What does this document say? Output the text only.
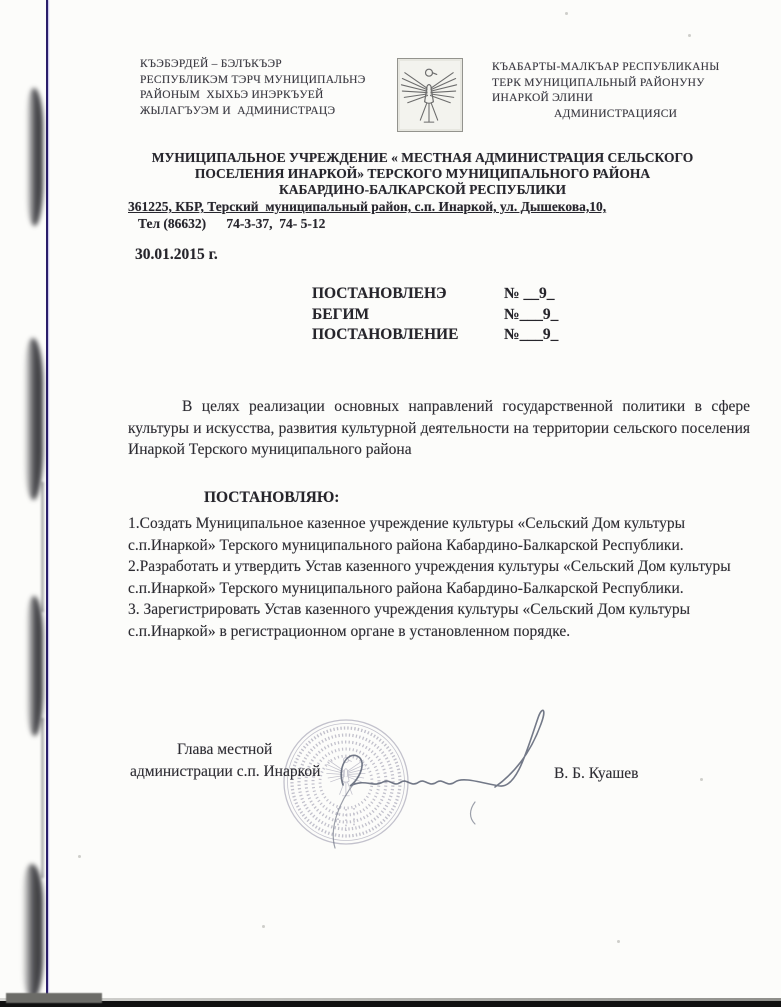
КЪЭБЭРДЕЙ – БЭЛЪКЪЭР
РЕСПУБЛИКЭМ ТЭРЧ МУНИЦИПАЛЬНЭ
РАЙОНЫМ  ХЫХЬЭ ИНЭРКЪУЕЙ
ЖЫЛАГЪУЭМ И  АДМИНИСТРАЦЭ
КЪАБАРТЫ-МАЛКЪАР РЕСПУБЛИКАНЫ
ТЕРК МУНИЦИПАЛЬНЫЙ РАЙОНУНУ
ИНАРКОЙ ЭЛИНИ
АДМИНИСТРАЦИЯСИ
МУНИЦИПАЛЬНОЕ УЧРЕЖДЕНИЕ « МЕСТНАЯ АДМИНИСТРАЦИЯ СЕЛЬСКОГО
ПОСЕЛЕНИЯ ИНАРКОЙ» ТЕРСКОГО МУНИЦИПАЛЬНОГО РАЙОНА
КАБАРДИНО-БАЛКАРСКОЙ РЕСПУБЛИКИ
361225, КБР, Терский  муниципальный район, с.п. Инаркой, ул. Дышекова,10,
Тел (86632)      74-3-37,  74- 5-12
30.01.2015 г.
ПОСТАНОВЛЕНЭ	№ __9_
БЕГИМ	№___9_
ПОСТАНОВЛЕНИЕ	№___9_
В целях реализации основных направлений государственной политики в сфере культуры и искусства, развития культурной деятельности на территории сельского поселения Инаркой Терского муниципального района
ПОСТАНОВЛЯЮ:

1.Создать Муниципальное казенное учреждение культуры «Сельский Дом культуры с.п.Инаркой» Терского муниципального района Кабардино-Балкарской Республики.

2.Разработать и утвердить Устав казенного учреждения культуры «Сельский Дом культуры с.п.Инаркой» Терского муниципального района Кабардино-Балкарской Республики.

3. Зарегистрировать Устав казенного учреждения культуры «Сельский Дом культуры с.п.Инаркой» в регистрационном органе в установленном порядке.

Глава местной
администрации с.п. Инаркой	В. Б. Куашев
